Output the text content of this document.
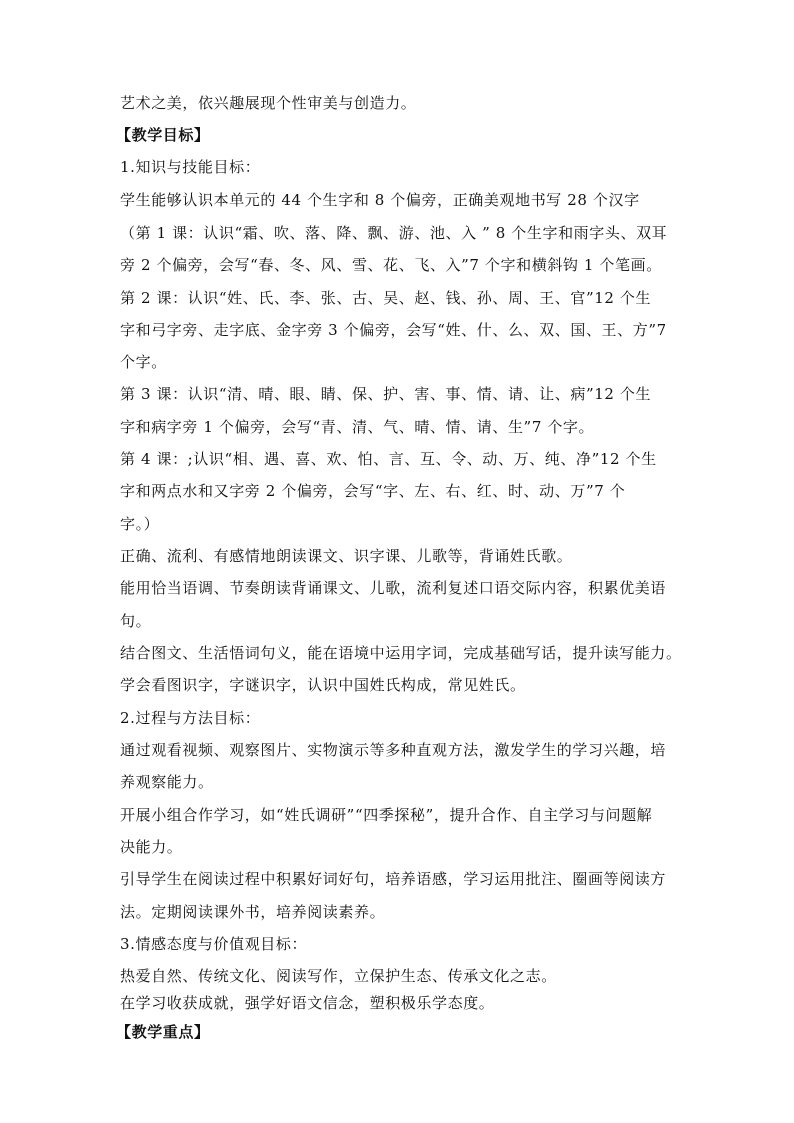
艺术之美，依兴趣展现个性审美与创造力。
【教学目标】
1.知识与技能目标：
学生能够认识本单元的 44 个生字和 8 个偏旁，正确美观地书写 28 个汉字
（第 1 课：认识“霜、吹、落、降、飘、游、池、入 ” 8 个生字和雨字头、双耳
旁 2 个偏旁，会写“春、冬、风、雪、花、飞、入”7 个字和横斜钩 1 个笔画。
第 2 课：认识“姓、氏、李、张、古、吴、赵、钱、孙、周、王、官”12 个生
字和弓字旁、走字底、金字旁 3 个偏旁，会写“姓、什、么、双、国、王、方”7
个字。
第 3 课：认识“清、晴、眼、睛、保、护、害、事、情、请、让、病”12 个生
字和病字旁 1 个偏旁，会写“青、清、气、晴、情、请、生”7 个字。
第 4 课：;认识“相、遇、喜、欢、怕、言、互、令、动、万、纯、净”12 个生
字和两点水和又字旁 2 个偏旁，会写“字、左、右、红、时、动、万”7 个
字。）
正确、流利、有感情地朗读课文、识字课、儿歌等，背诵姓氏歌。
能用恰当语调、节奏朗读背诵课文、儿歌，流利复述口语交际内容，积累优美语
句。
结合图文、生活悟词句义，能在语境中运用字词，完成基础写话，提升读写能力。
学会看图识字，字谜识字，认识中国姓氏构成，常见姓氏。
2.过程与方法目标：
通过观看视频、观察图片、实物演示等多种直观方法，激发学生的学习兴趣，培
养观察能力。
开展小组合作学习，如“姓氏调研”“四季探秘”，提升合作、自主学习与问题解
决能力。
引导学生在阅读过程中积累好词好句，培养语感，学习运用批注、圈画等阅读方
法。定期阅读课外书，培养阅读素养。
3.情感态度与价值观目标：
热爱自然、传统文化、阅读写作，立保护生态、传承文化之志。
在学习收获成就，强学好语文信念，塑积极乐学态度。
【教学重点】
